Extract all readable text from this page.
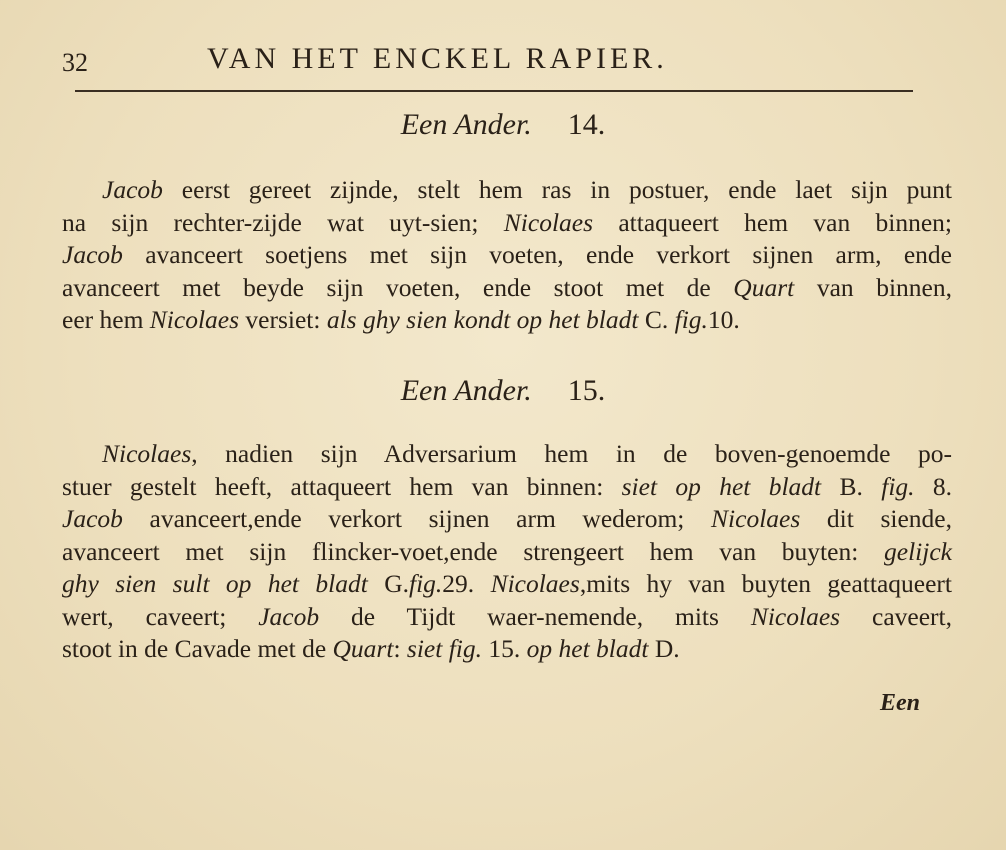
32	VAN HET ENCKEL RAPIER.
Een Ander. 14.
Jacob eerst gereet zijnde, stelt hem ras in postuer, ende laet sijn punt
na sijn rechter-zijde wat uyt-sien; Nicolaes attaqueert hem van binnen;
Jacob avanceert soetjens met sijn voeten, ende verkort sijnen arm, ende
avanceert met beyde sijn voeten, ende stoot met de Quart van binnen,
eer hem Nicolaes versiet: als ghy sien kondt op het bladt C. fig.10.
Een Ander. 15.
Nicolaes, nadien sijn Adversarium hem in de boven-genoemde po-
stuer gestelt heeft, attaqueert hem van binnen: siet op het bladt B. fig. 8.
Jacob avanceert,ende verkort sijnen arm wederom; Nicolaes dit siende,
avanceert met sijn flincker-voet,ende strengeert hem van buyten: gelijck
ghy sien sult op het bladt G.fig.29. Nicolaes,mits hy van buyten geattaqueert
wert, caveert; Jacob de Tijdt waer-nemende, mits Nicolaes caveert,
stoot in de Cavade met de Quart: siet fig. 15. op het bladt D.
Een
